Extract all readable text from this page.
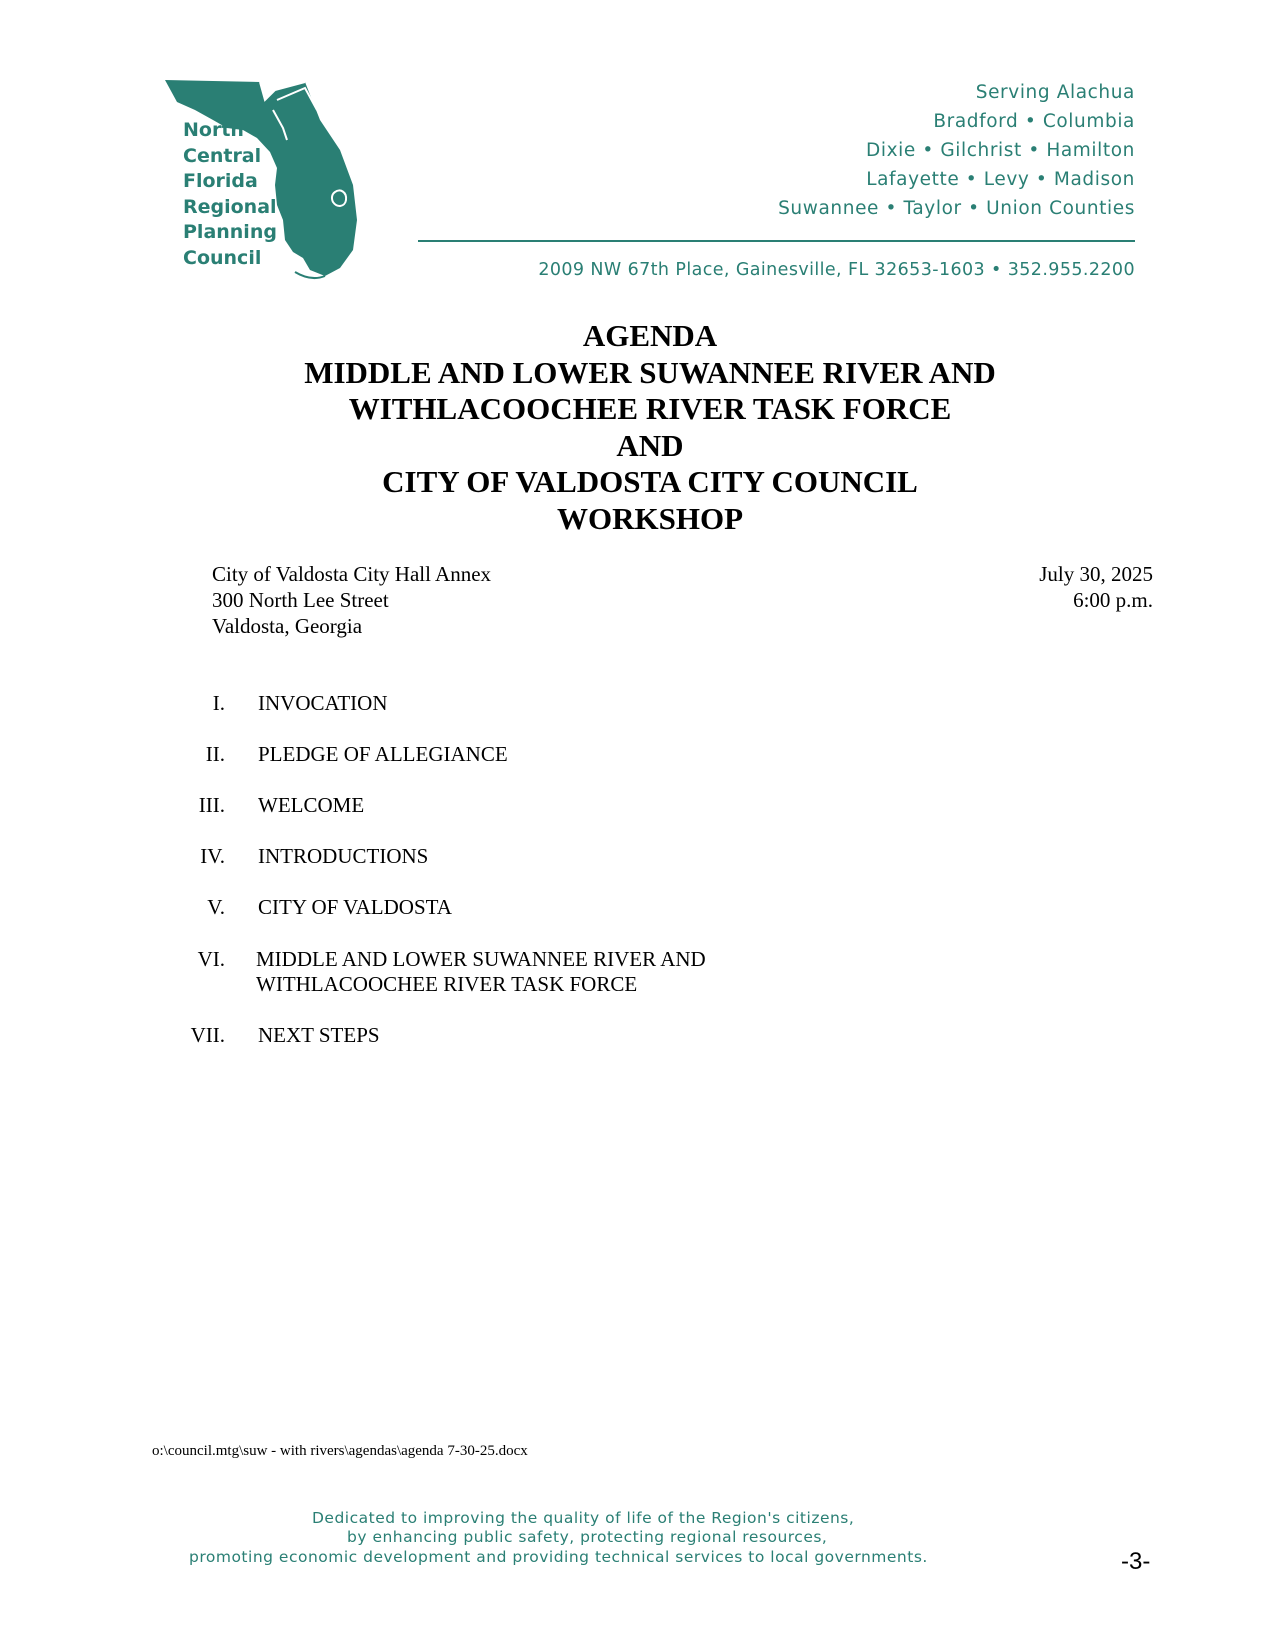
North
Central
Florida
Regional
Planning
Council
Serving Alachua
Bradford • Columbia
Dixie • Gilchrist • Hamilton
Lafayette • Levy • Madison
Suwannee • Taylor • Union Counties
2009 NW 67th Place, Gainesville, FL 32653-1603 • 352.955.2200
AGENDA
MIDDLE AND LOWER SUWANNEE RIVER AND
WITHLACOOCHEE RIVER TASK FORCE
AND
CITY OF VALDOSTA CITY COUNCIL
WORKSHOP
City of Valdosta City Hall Annex
300 North Lee Street
Valdosta, Georgia
July 30, 2025
6:00 p.m.
I. INVOCATION
II. PLEDGE OF ALLEGIANCE
III. WELCOME
IV. INTRODUCTIONS
V. CITY OF VALDOSTA
VI. MIDDLE AND LOWER SUWANNEE RIVER AND
WITHLACOOCHEE RIVER TASK FORCE
VII. NEXT STEPS
o:\council.mtg\suw - with rivers\agendas\agenda 7-30-25.docx
Dedicated to improving the quality of life of the Region's citizens,
by enhancing public safety, protecting regional resources,
promoting economic development and providing technical services to local governments.	-3-
